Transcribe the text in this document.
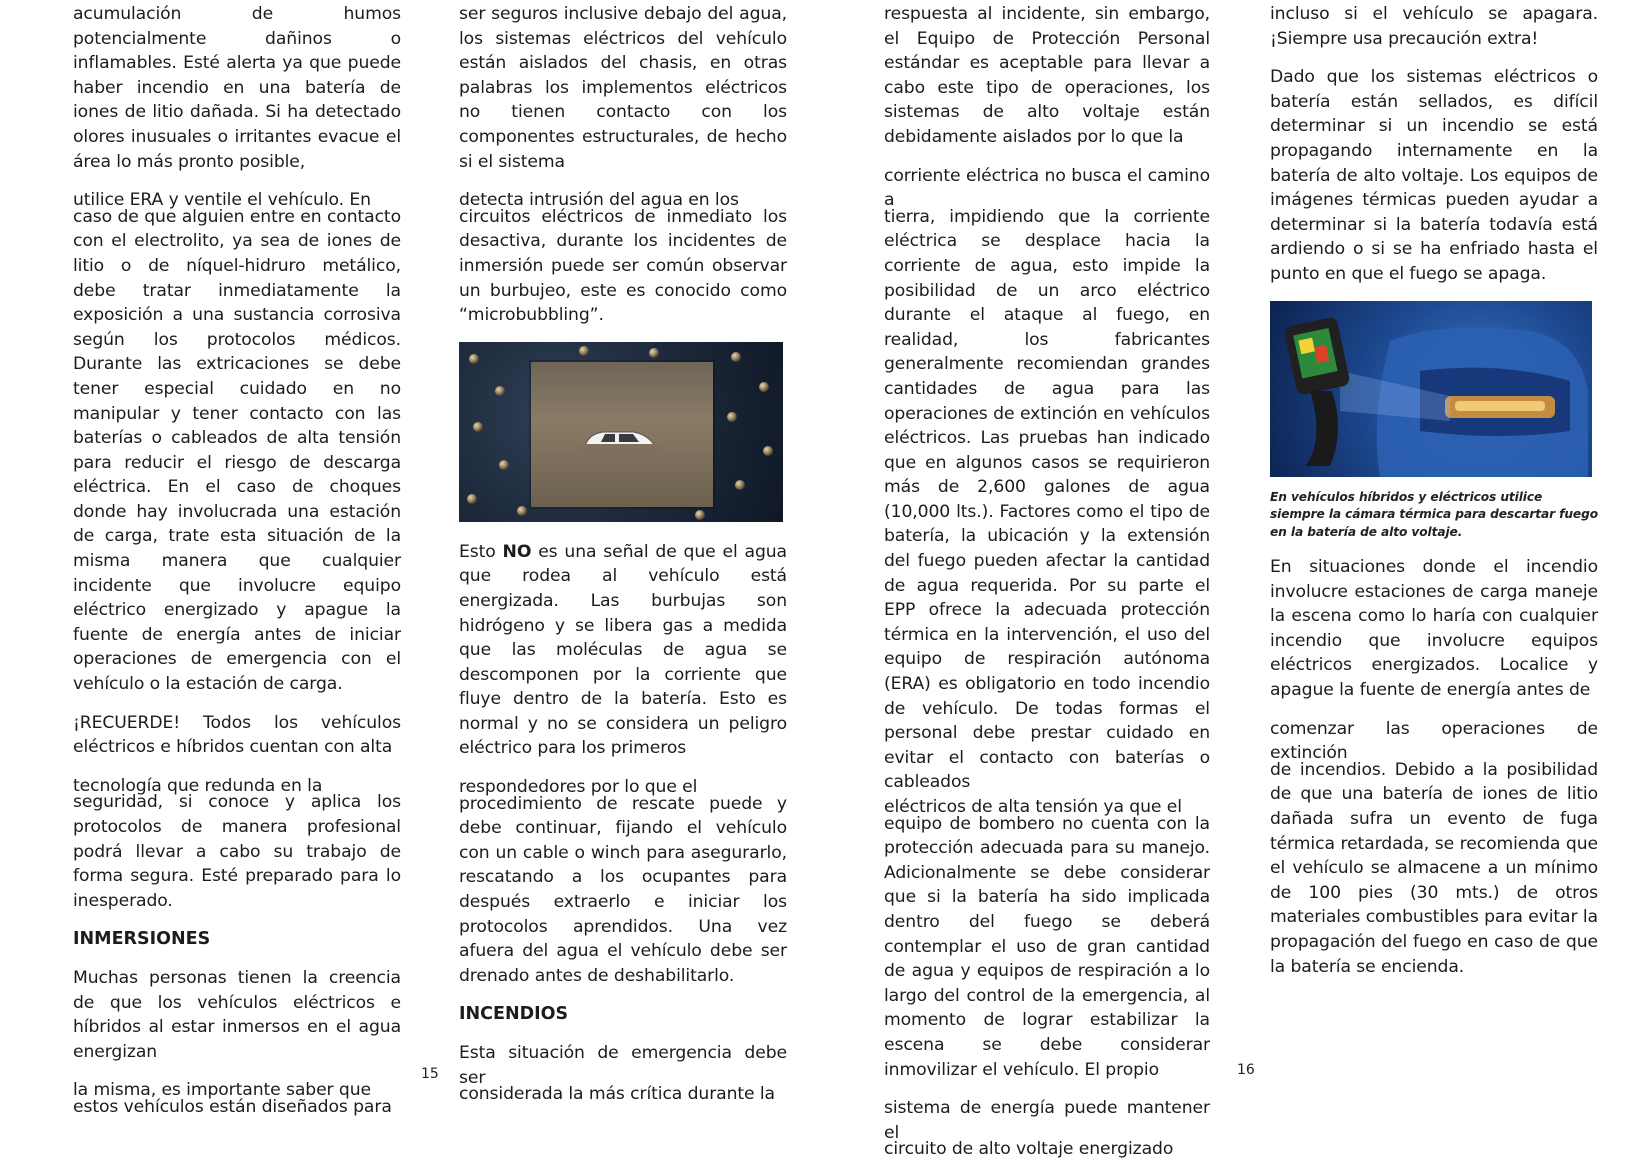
acumulación de humos potencialmente dañinos o inflamables. Esté alerta ya que puede haber incendio en una batería de iones de litio dañada. Si ha detectado olores inusuales o irritantes evacue el área lo más pronto posible,

utilice ERA y ventile el vehículo. En

caso de que alguien entre en contacto con el electrolito, ya sea de iones de litio o de níquel-hidruro metálico, debe tratar inmediatamente la exposición a una sustancia corrosiva según los protocolos médicos. Durante las extricaciones se debe tener especial cuidado en no manipular y tener contacto con las baterías o cableados de alta tensión para reducir el riesgo de descarga eléctrica. En el caso de choques donde hay involucrada una estación de carga, trate esta situación de la misma manera que cualquier incidente que involucre equipo eléctrico energizado y apague la fuente de energía antes de iniciar operaciones de emergencia con el vehículo o la estación de carga.

¡RECUERDE! Todos los vehículos eléctricos e híbridos cuentan con alta

tecnología que redunda en la

seguridad, si conoce y aplica los protocolos de manera profesional podrá llevar a cabo su trabajo de forma segura. Esté preparado para lo inesperado.

INMERSIONES

Muchas personas tienen la creencia de que los vehículos eléctricos e híbridos al estar inmersos en el agua energizan

la misma, es importante saber que

estos vehículos están diseñados para

ser seguros inclusive debajo del agua, los sistemas eléctricos del vehículo están aislados del chasis, en otras palabras los implementos eléctricos no tienen contacto con los componentes estructurales, de hecho si el sistema

detecta intrusión del agua en los

circuitos eléctricos de inmediato los desactiva, durante los incidentes de inmersión puede ser común observar un burbujeo, este es conocido como “microbubbling”.

Esto NO es una señal de que el agua que rodea al vehículo está energizada. Las burbujas son hidrógeno y se libera gas a medida que las moléculas de agua se descomponen por la corriente que fluye dentro de la batería. Esto es normal y no se considera un peligro eléctrico para los primeros

respondedores por lo que el

procedimiento de rescate puede y debe continuar, fijando el vehículo con un cable o winch para asegurarlo, rescatando a los ocupantes para después extraerlo e iniciar los protocolos aprendidos. Una vez afuera del agua el vehículo debe ser drenado antes de deshabilitarlo.

INCENDIOS

Esta situación de emergencia debe ser

considerada la más crítica durante la

15

respuesta al incidente, sin embargo, el Equipo de Protección Personal estándar es aceptable para llevar a cabo este tipo de operaciones, los sistemas de alto voltaje están debidamente aislados por lo que la

corriente eléctrica no busca el camino a

tierra, impidiendo que la corriente eléctrica se desplace hacia la corriente de agua, esto impide la posibilidad de un arco eléctrico durante el ataque al fuego, en realidad, los fabricantes generalmente recomiendan grandes cantidades de agua para las operaciones de extinción en vehículos eléctricos. Las pruebas han indicado que en algunos casos se requirieron más de 2,600 galones de agua (10,000 lts.). Factores como el tipo de batería, la ubicación y la extensión del fuego pueden afectar la cantidad de agua requerida. Por su parte el EPP ofrece la adecuada protección térmica en la intervención, el uso del equipo de respiración autónoma (ERA) es obligatorio en todo incendio de vehículo. De todas formas el personal debe prestar cuidado en evitar el contacto con baterías o cableados

eléctricos de alta tensión ya que el

equipo de bombero no cuenta con la protección adecuada para su manejo. Adicionalmente se debe considerar que si la batería ha sido implicada dentro del fuego se deberá contemplar el uso de gran cantidad de agua y equipos de respiración a lo largo del control de la emergencia, al momento de lograr estabilizar la escena se debe considerar inmovilizar el vehículo. El propio

sistema de energía puede mantener el

circuito de alto voltaje energizado

incluso si el vehículo se apagara. ¡Siempre usa precaución extra!

Dado que los sistemas eléctricos o batería están sellados, es difícil determinar si un incendio se está propagando internamente en la batería de alto voltaje. Los equipos de imágenes térmicas pueden ayudar a determinar si la batería todavía está ardiendo o si se ha enfriado hasta el punto en que el fuego se apaga.

En vehículos híbridos y eléctricos utilice siempre la cámara térmica para descartar fuego en la batería de alto voltaje.

En situaciones donde el incendio involucre estaciones de carga maneje la escena como lo haría con cualquier incendio que involucre equipos eléctricos energizados. Localice y apague la fuente de energía antes de

comenzar las operaciones de extinción

de incendios. Debido a la posibilidad de que una batería de iones de litio dañada sufra un evento de fuga térmica retardada, se recomienda que el vehículo se almacene a un mínimo de 100 pies (30 mts.) de otros materiales combustibles para evitar la propagación del fuego en caso de que la batería se encienda.

16
